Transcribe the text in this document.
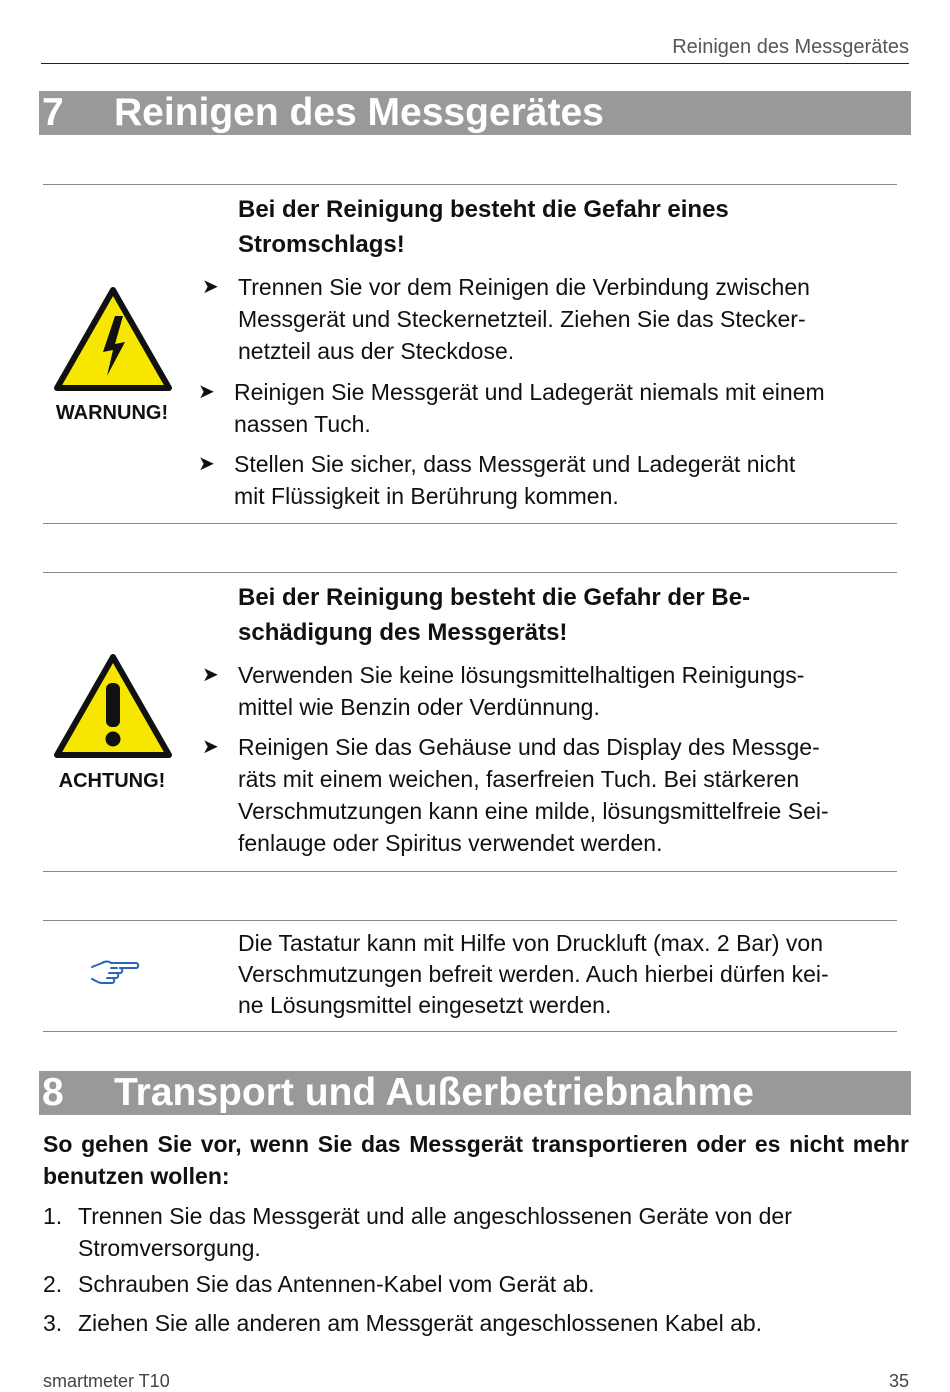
Reinigen des Messgerätes
7 Reinigen des Messgerätes
WARNUNG!
Bei der Reinigung besteht die Gefahr eines
Stromschlags!
➤ Trennen Sie vor dem Reinigen die Verbindung zwischen
Messgerät und Steckernetzteil. Ziehen Sie das Stecker-
netzteil aus der Steckdose.
➤ Reinigen Sie Messgerät und Ladegerät niemals mit einem
nassen Tuch.
➤ Stellen Sie sicher, dass Messgerät und Ladegerät nicht
mit Flüssigkeit in Berührung kommen.
ACHTUNG!
Bei der Reinigung besteht die Gefahr der Be-
schädigung des Messgeräts!
➤ Verwenden Sie keine lösungsmittelhaltigen Reinigungs-
mittel wie Benzin oder Verdünnung.
➤ Reinigen Sie das Gehäuse und das Display des Messge-
räts mit einem weichen, faserfreien Tuch. Bei stärkeren
Verschmutzungen kann eine milde, lösungsmittelfreie Sei-
fenlauge oder Spiritus verwendet werden.
Die Tastatur kann mit Hilfe von Druckluft (max. 2 Bar) von
Verschmutzungen befreit werden. Auch hierbei dürfen kei-
ne Lösungsmittel eingesetzt werden.
8 Transport und Außerbetriebnahme
So gehen Sie vor, wenn Sie das Messgerät transportieren oder es nicht mehr benutzen wollen:
1. Trennen Sie das Messgerät und alle angeschlossenen Geräte von der
Stromversorgung.
2. Schrauben Sie das Antennen-Kabel vom Gerät ab.
3. Ziehen Sie alle anderen am Messgerät angeschlossenen Kabel ab.
smartmeter T10	35
